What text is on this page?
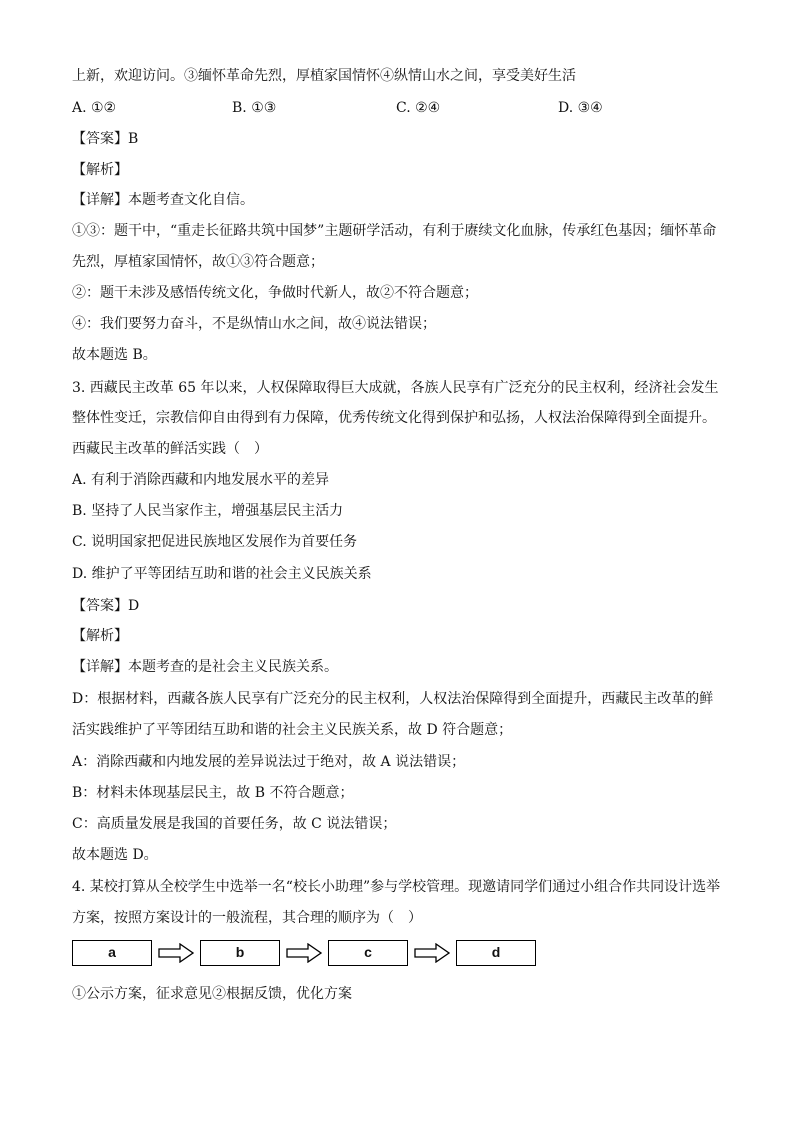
上新，欢迎访问。③缅怀革命先烈，厚植家国情怀④纵情山水之间，享受美好生活
A. ①②	B. ①③	C. ②④	D. ③④
【答案】B
【解析】
【详解】本题考查文化自信。
①③：题干中，“重走长征路共筑中国梦”主题研学活动，有利于赓续文化血脉，传承红色基因；缅怀革命
先烈，厚植家国情怀，故①③符合题意；
②：题干未涉及感悟传统文化，争做时代新人，故②不符合题意；
④：我们要努力奋斗，不是纵情山水之间，故④说法错误；
故本题选 B。
3. 西藏民主改革 65 年以来，人权保障取得巨大成就，各族人民享有广泛充分的民主权利，经济社会发生
整体性变迁，宗教信仰自由得到有力保障，优秀传统文化得到保护和弘扬，人权法治保障得到全面提升。
西藏民主改革的鲜活实践（　）
A. 有利于消除西藏和内地发展水平的差异
B. 坚持了人民当家作主，增强基层民主活力
C. 说明国家把促进民族地区发展作为首要任务
D. 维护了平等团结互助和谐的社会主义民族关系
【答案】D
【解析】
【详解】本题考查的是社会主义民族关系。
D：根据材料，西藏各族人民享有广泛充分的民主权利，人权法治保障得到全面提升，西藏民主改革的鲜
活实践维护了平等团结互助和谐的社会主义民族关系，故 D 符合题意；
A：消除西藏和内地发展的差异说法过于绝对，故 A 说法错误；
B：材料未体现基层民主，故 B 不符合题意；
C：高质量发展是我国的首要任务，故 C 说法错误；
故本题选 D。
4. 某校打算从全校学生中选举一名“校长小助理”参与学校管理。现邀请同学们通过小组合作共同设计选举
方案，按照方案设计的一般流程，其合理的顺序为（　）
a	b	c	d
①公示方案，征求意见②根据反馈，优化方案
